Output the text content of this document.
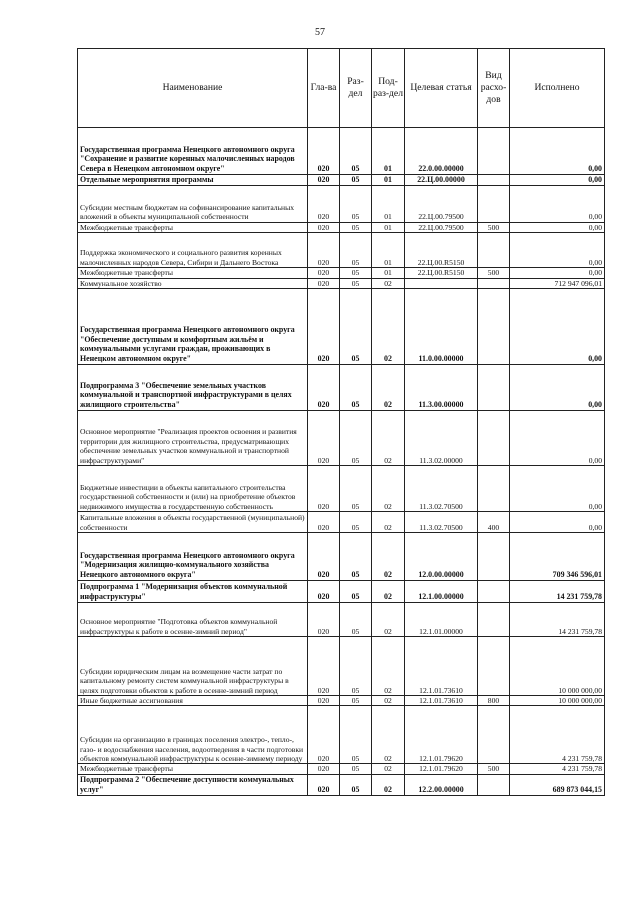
57
Наименование	Гла-ва	Раз-дел	Под-раз-дел	Целевая статья	Вид расхо-дов	Исполнено
Государственная программа Ненецкого автономного округа "Сохранение и развитие коренных малочисленных народов Севера в Ненецком автономном округе"	020	05	01	22.0.00.00000		0,00
Отдельные мероприятия программы	020	05	01	22.Ц.00.00000		0,00
Субсидии местным бюджетам на софинансирование капитальных вложений в объекты муниципальной собственности	020	05	01	22.Ц.00.79500		0,00
Межбюджетные трансферты	020	05	01	22.Ц.00.79500	500	0,00
Поддержка экономического и социального развития коренных малочисленных народов Севера, Сибири и Дальнего Востока	020	05	01	22.Ц.00.R5150		0,00
Межбюджетные трансферты	020	05	01	22.Ц.00.R5150	500	0,00
Коммунальное хозяйство	020	05	02			712 947 096,01
Государственная программа Ненецкого автономного округа "Обеспечение доступным и комфортным жильём и коммунальными услугами граждан, проживающих в Ненецком автономном округе"	020	05	02	11.0.00.00000		0,00
Подпрограмма 3 "Обеспечение земельных участков коммунальной и транспортной инфраструктурами в целях жилищного строительства"	020	05	02	11.3.00.00000		0,00
Основное мероприятие "Реализация проектов освоения и развития территории для жилищного строительства, предусматривающих обеспечение земельных участков коммунальной и транспортной инфраструктурами"	020	05	02	11.3.02.00000		0,00
Бюджетные инвестиции в объекты капитального строительства государственной собственности и (или) на приобретение объектов недвижимого имущества в государственную собственность	020	05	02	11.3.02.70500		0,00
Капитальные вложения в объекты государственной (муниципальной) собственности	020	05	02	11.3.02.70500	400	0,00
Государственная программа Ненецкого автономного округа "Модернизация жилищно-коммунального хозяйства Ненецкого автономного округа"	020	05	02	12.0.00.00000		709 346 596,01
Подпрограмма 1 "Модернизация объектов коммунальной инфраструктуры"	020	05	02	12.1.00.00000		14 231 759,78
Основное мероприятие "Подготовка объектов коммунальной инфраструктуры к работе в осенне-зимний период"	020	05	02	12.1.01.00000		14 231 759,78
Субсидии юридическим лицам на возмещение части затрат по капитальному ремонту систем коммунальной инфраструктуры в целях подготовки объектов к работе в осенне-зимний период	020	05	02	12.1.01.73610		10 000 000,00
Иные бюджетные ассигнования	020	05	02	12.1.01.73610	800	10 000 000,00
Субсидии на организацию в границах поселения электро-, тепло-, газо- и водоснабжения населения, водоотведения в части подготовки объектов коммунальной инфраструктуры к осенне-зимнему периоду	020	05	02	12.1.01.79620		4 231 759,78
Межбюджетные трансферты	020	05	02	12.1.01.79620	500	4 231 759,78
Подпрограмма 2 "Обеспечение доступности коммунальных услуг"	020	05	02	12.2.00.00000		689 873 044,15
